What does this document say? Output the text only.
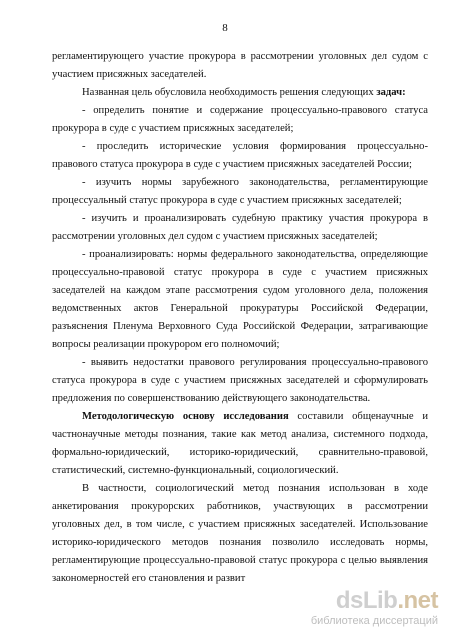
8
регламентирующего участие прокурора в рассмотрении уголовных дел судом с
участием присяжных заседателей.
Названная цель обусловила необходимость решения следующих задач:
- определить понятие и содержание процессуально-правового статуса
прокурора в суде с участием присяжных заседателей;
- проследить исторические условия формирования процессуально-
правового статуса прокурора в суде с участием присяжных заседателей России;
- изучить нормы зарубежного законодательства, регламентирующие
процессуальный статус прокурора в суде с участием присяжных заседателей;
- изучить и проанализировать судебную практику участия прокурора в
рассмотрении уголовных дел судом с участием присяжных заседателей;
- проанализировать: нормы федерального законодательства, определяющие
процессуально-правовой статус прокурора в суде с участием присяжных
заседателей на каждом этапе рассмотрения судом уголовного дела, положения
ведомственных актов Генеральной прокуратуры Российской Федерации,
разъяснения Пленума Верховного Суда Российской Федерации, затрагивающие
вопросы реализации прокурором его полномочий;
- выявить недостатки правового регулирования процессуально-правового
статуса прокурора в суде с участием присяжных заседателей и сформулировать
предложения по совершенствованию действующего законодательства.
Методологическую основу исследования составили общенаучные и
частнонаучные методы познания, такие как метод анализа, системного подхода,
формально-юридический, историко-юридический, сравнительно-правовой,
статистический, системно-функциональный, социологический.
В частности, социологический метод познания использован в ходе
анкетирования прокурорских работников, участвующих в рассмотрении
уголовных дел, в том числе, с участием присяжных заседателей. Использование
историко-юридического методов познания позволило исследовать нормы,
регламентирующие процессуально-правовой статус прокурора с целью выявления
закономерностей его становления и развит
dsLib.net
библиотека диссертаций
